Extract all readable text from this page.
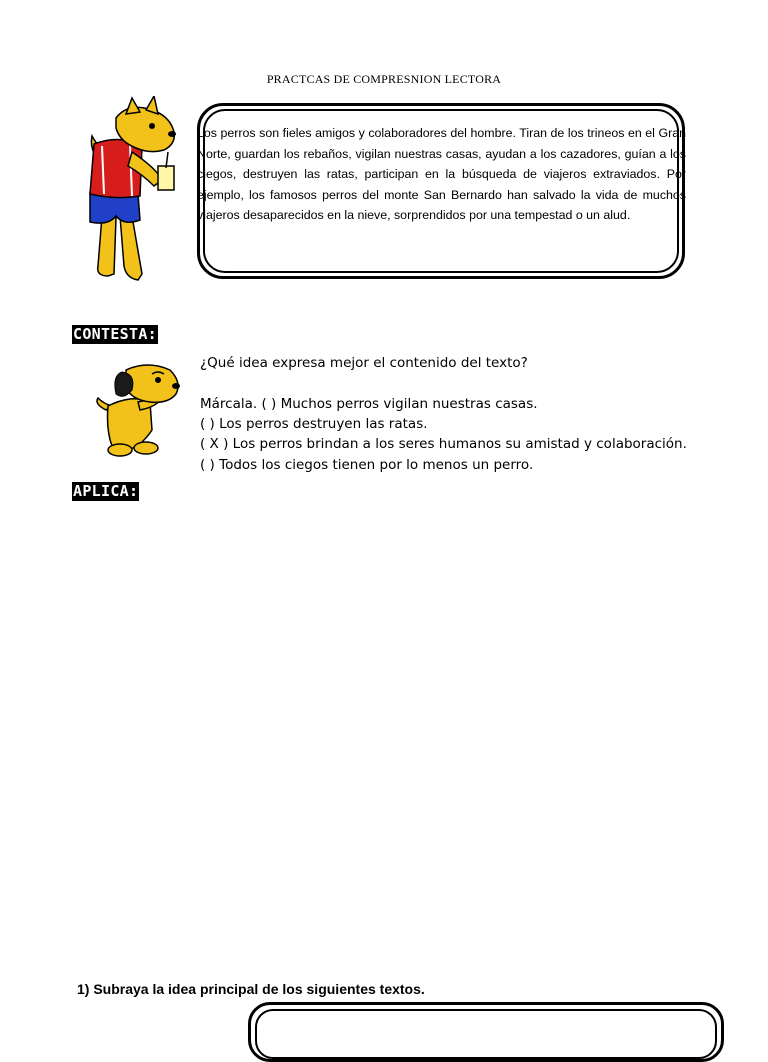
PRACTCAS DE COMPRESNION LECTORA
Los perros son fieles amigos y colaboradores del hombre. Tiran de los trineos en el Gran Norte, guardan los rebaños, vigilan nuestras casas, ayudan a los cazadores, guían a los ciegos, destruyen las ratas, participan en la búsqueda de viajeros extraviados. Por ejemplo, los famosos perros del monte San Bernardo han salvado la vida de muchos viajeros desaparecidos en la nieve, sorprendidos por una tempestad o un alud.
CONTESTA:
¿Qué idea expresa mejor el contenido del texto?
Márcala. ( ) Muchos perros vigilan nuestras casas.
( ) Los perros destruyen las ratas.
( X ) Los perros brindan a los seres humanos su amistad y colaboración.
( ) Todos los ciegos tienen por lo menos un perro.
APLICA:
1) Subraya la idea principal de los siguientes textos.
